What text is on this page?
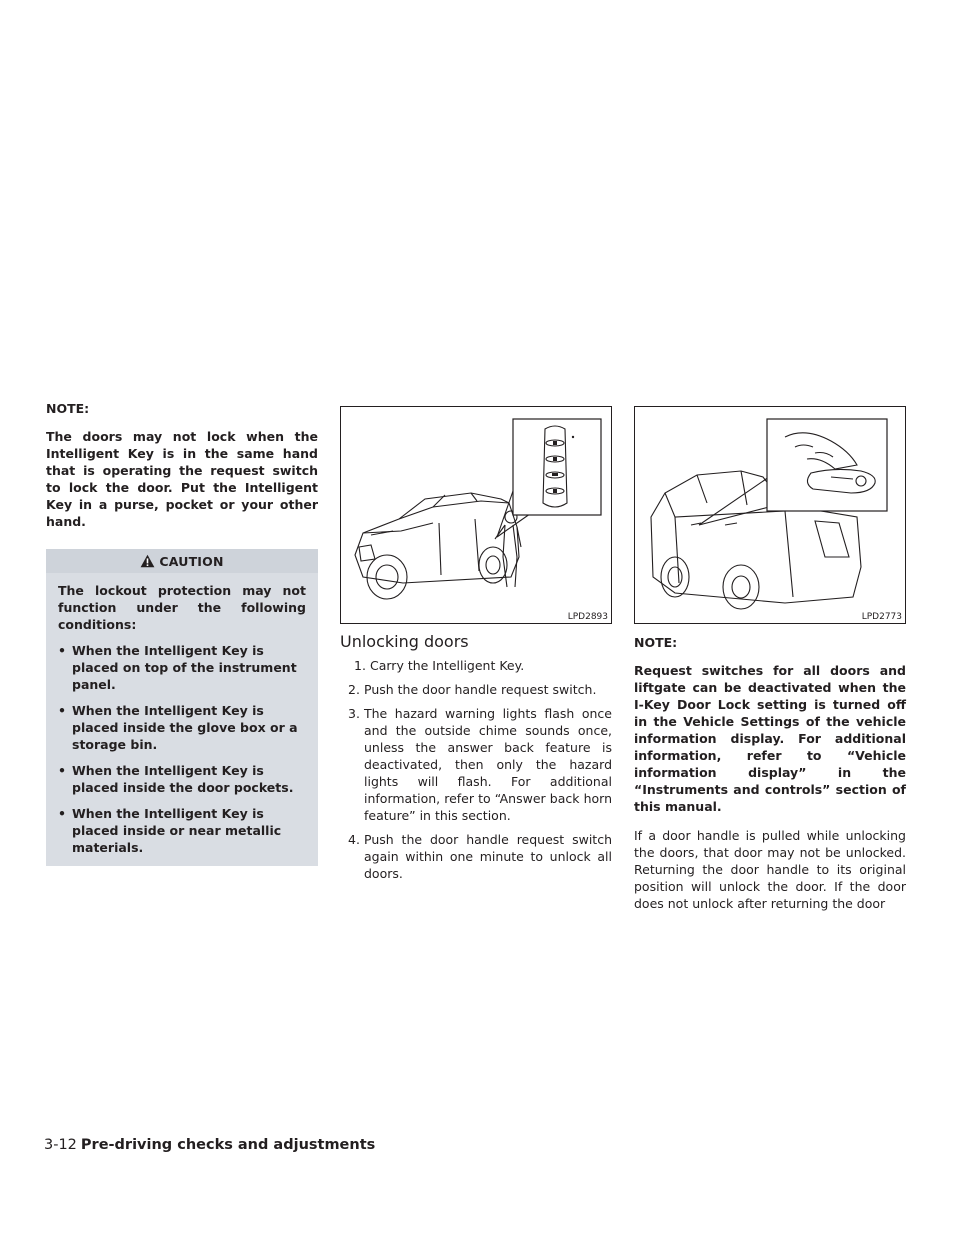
NOTE:

The doors may not lock when the Intelligent Key is in the same hand that is operating the request switch to lock the door. Put the Intelligent Key in a purse, pocket or your other hand.

CAUTION

The lockout protection may not function under the following conditions:

• When the Intelligent Key is placed on top of the instrument panel.
• When the Intelligent Key is placed inside the glove box or a storage bin.
• When the Intelligent Key is placed inside the door pockets.
• When the Intelligent Key is placed inside or near metallic materials.
LPD2893
Unlocking doors
1. Carry the Intelligent Key.
2. Push the door handle request switch.
3. The hazard warning lights flash once and the outside chime sounds once, unless the answer back feature is deactivated, then only the hazard lights will flash. For additional information, refer to “Answer back horn feature” in this section.
4. Push the door handle request switch again within one minute to unlock all doors.
LPD2773

NOTE:

Request switches for all doors and liftgate can be deactivated when the I-Key Door Lock setting is turned off in the Vehicle Settings of the vehicle information display. For additional information, refer to “Vehicle information display” in the “Instruments and controls” section of this manual.

If a door handle is pulled while unlocking the doors, that door may not be unlocked. Returning the door handle to its original position will unlock the door. If the door does not unlock after returning the door

3-12 Pre-driving checks and adjustments
